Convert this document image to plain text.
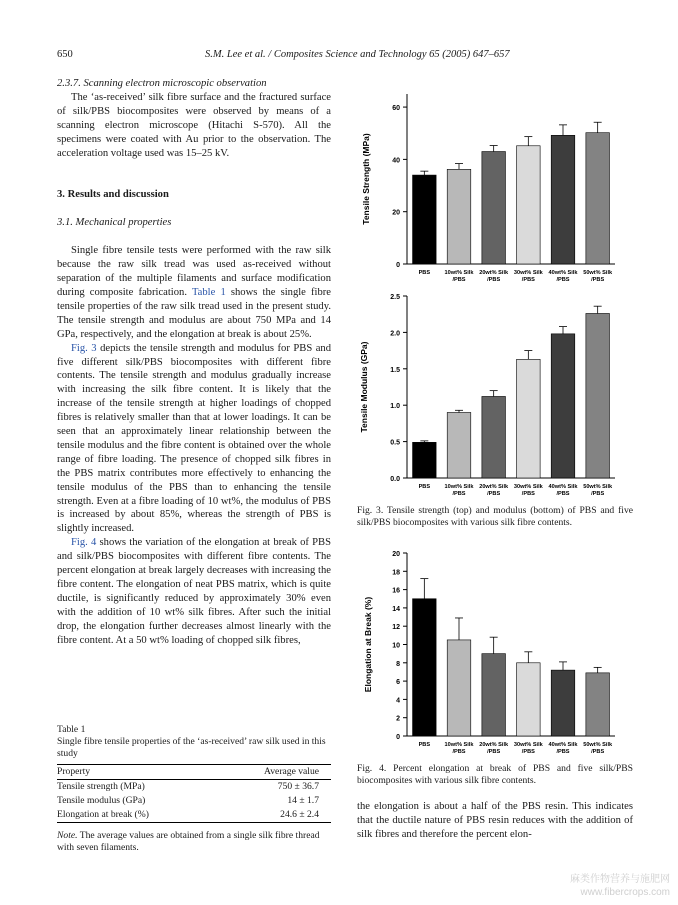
650	S.M. Lee et al. / Composites Science and Technology 65 (2005) 647–657

2.3.7. Scanning electron microscopic observation

The ‘as-received’ silk fibre surface and the fractured surface of silk/PBS biocomposites were observed by means of a scanning electron microscope (Hitachi S-570). All the specimens were coated with Au prior to the observation. The acceleration voltage used was 15–25 kV.

3. Results and discussion

3.1. Mechanical properties

Single fibre tensile tests were performed with the raw silk because the raw silk tread was used as-received without separation of the multiple filaments and surface modification during composite fabrication. Table 1 shows the single fibre tensile properties of the raw silk tread used in the present study. The tensile strength and modulus are about 750 MPa and 14 GPa, respectively, and the elongation at break is about 25%.

Fig. 3 depicts the tensile strength and modulus for PBS and five different silk/PBS biocomposites with different fibre contents. The tensile strength and modulus gradually increase with increasing the silk fibre content. It is likely that the increase of the tensile strength at higher loadings of chopped fibres is relatively smaller than that at lower loadings. It can be seen that an approximately linear relationship between the tensile modulus and the fibre content is obtained over the whole range of fibre loading. The presence of chopped silk fibres in the PBS matrix contributes more effectively to enhancing the tensile modulus of the PBS than to enhancing the tensile strength. Even at a fibre loading of 10 wt%, the modulus of PBS is increased by about 85%, whereas the strength of PBS is slightly increased.

Fig. 4 shows the variation of the elongation at break of PBS and silk/PBS biocomposites with different fibre contents. The percent elongation at break largely decreases with increasing the fibre content. The elongation of neat PBS matrix, which is quite ductile, is significantly reduced by approximately 30% even with the addition of 10 wt% silk fibres. After such the initial drop, the elongation further decreases almost linearly with the fibre content. At a 50 wt% loading of chopped silk fibres,

Table 1
Single fibre tensile properties of the ‘as-received’ raw silk used in this study
Property	Average value
Tensile strength (MPa)	750 ± 36.7
Tensile modulus (GPa)	14 ± 1.7
Elongation at break (%)	24.6 ± 2.4
Note. The average values are obtained from a single silk fibre thread with seven filaments.
0
20
40
60
Tensile Strength (MPa)
PBS	10wt% Silk /PBS
20wt% Silk /PBS
30wt% Silk /PBS
40wt% Silk /PBS
50wt% Silk /PBS
0.0
0.5
1.0
1.5
2.0
2.5
Tensile Modulus (GPa)
PBS	10wt% Silk /PBS
20wt% Silk /PBS
30wt% Silk /PBS
40wt% Silk /PBS
50wt% Silk /PBS
Fig. 3. Tensile strength (top) and modulus (bottom) of PBS and five silk/PBS biocomposites with various silk fibre contents.
0
2
4
6
8
10
12
14
16
18
20
Elongation at Break (%)
PBS	10wt% Silk /PBS
20wt% Silk /PBS
30wt% Silk /PBS
40wt% Silk /PBS
50wt% Silk /PBS
Fig. 4. Percent elongation at break of PBS and five silk/PBS biocomposites with various silk fibre contents.

the elongation is about a half of the PBS resin. This indicates that the ductile nature of PBS resin reduces with the addition of silk fibres and therefore the percent elon-

麻类作物营养与施肥网
www.fibercrops.com
